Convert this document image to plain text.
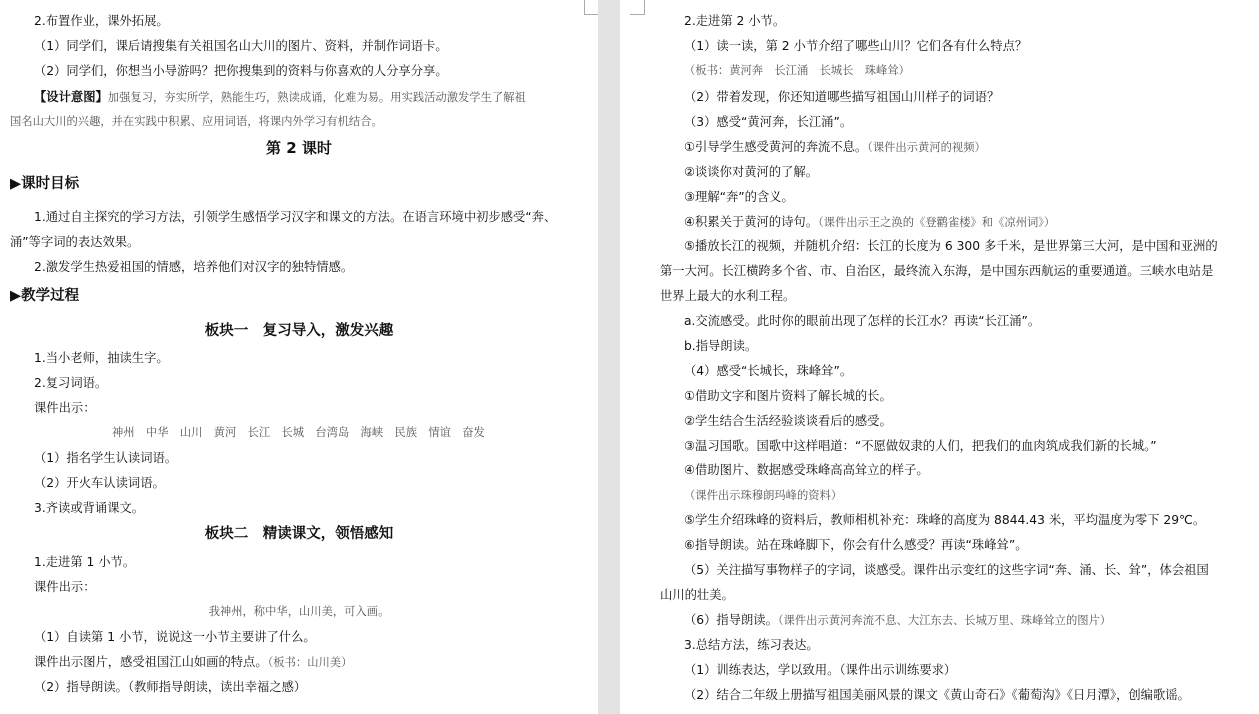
2.布置作业，课外拓展。
（1）同学们，课后请搜集有关祖国名山大川的图片、资料，并制作词语卡。
（2）同学们，你想当小导游吗？把你搜集到的资料与你喜欢的人分享分享。
【设计意图】加强复习，夯实所学，熟能生巧，熟读成诵，化难为易。用实践活动激发学生了解祖
国名山大川的兴趣，并在实践中积累、应用词语，将课内外学习有机结合。
第 2 课时
▶课时目标
1.通过自主探究的学习方法，引领学生感悟学习汉字和课文的方法。在语言环境中初步感受“奔、
涌”等字词的表达效果。
2.激发学生热爱祖国的情感，培养他们对汉字的独特情感。
▶教学过程
板块一　复习导入，激发兴趣
1.当小老师，抽读生字。
2.复习词语。
课件出示：
神州　中华　山川　黄河　长江　长城　台湾岛　海峡　民族　情谊　奋发
（1）指名学生认读词语。
（2）开火车认读词语。
3.齐读或背诵课文。
板块二　精读课文，领悟感知
1.走进第 1 小节。
课件出示：
我神州，称中华，山川美，可入画。
（1）自读第 1 小节，说说这一小节主要讲了什么。
课件出示图片，感受祖国江山如画的特点。（板书：山川美）
（2）指导朗读。（教师指导朗读，读出幸福之感）
2.走进第 2 小节。
（1）读一读，第 2 小节介绍了哪些山川？它们各有什么特点？
（板书：黄河奔　长江涌　长城长　珠峰耸）
（2）带着发现，你还知道哪些描写祖国山川样子的词语？
（3）感受“黄河奔，长江涌”。
①引导学生感受黄河的奔流不息。（课件出示黄河的视频）
②谈谈你对黄河的了解。
③理解“奔”的含义。
④积累关于黄河的诗句。（课件出示王之涣的《登鹳雀楼》和《凉州词》）
⑤播放长江的视频，并随机介绍：长江的长度为 6 300 多千米，是世界第三大河，是中国和亚洲的
第一大河。长江横跨多个省、市、自治区，最终流入东海，是中国东西航运的重要通道。三峡水电站是
世界上最大的水利工程。
a.交流感受。此时你的眼前出现了怎样的长江水？再读“长江涌”。
b.指导朗读。
（4）感受“长城长，珠峰耸”。
①借助文字和图片资料了解长城的长。
②学生结合生活经验谈谈看后的感受。
③温习国歌。国歌中这样唱道：“不愿做奴隶的人们，把我们的血肉筑成我们新的长城。”
④借助图片、数据感受珠峰高高耸立的样子。
（课件出示珠穆朗玛峰的资料）
⑤学生介绍珠峰的资料后，教师相机补充：珠峰的高度为 8844.43 米，平均温度为零下 29℃。
⑥指导朗读。站在珠峰脚下，你会有什么感受？再读“珠峰耸”。
（5）关注描写事物样子的字词，谈感受。课件出示变红的这些字词“奔、涌、长、耸”，体会祖国
山川的壮美。
（6）指导朗读。（课件出示黄河奔流不息、大江东去、长城万里、珠峰耸立的图片）
3.总结方法，练习表达。
（1）训练表达，学以致用。（课件出示训练要求）
（2）结合二年级上册描写祖国美丽风景的课文《黄山奇石》《葡萄沟》《日月潭》，创编歌谣。
